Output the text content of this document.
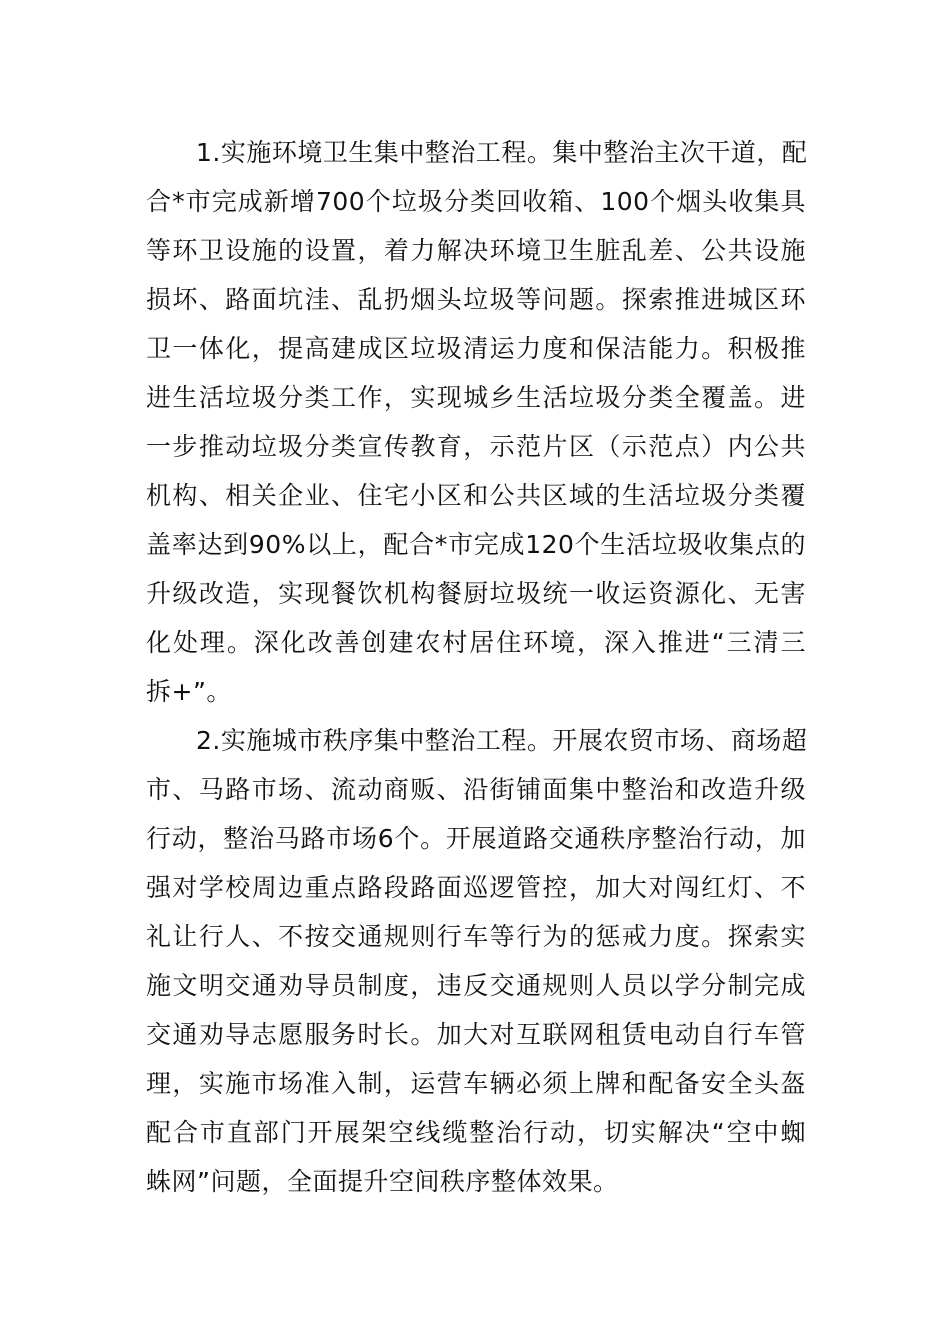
1.实施环境卫生集中整治工程。集中整治主次干道，配
合*市完成新增700个垃圾分类回收箱、100个烟头收集具
等环卫设施的设置，着力解决环境卫生脏乱差、公共设施
损坏、路面坑洼、乱扔烟头垃圾等问题。探索推进城区环
卫一体化，提高建成区垃圾清运力度和保洁能力。积极推
进生活垃圾分类工作，实现城乡生活垃圾分类全覆盖。进
一步推动垃圾分类宣传教育，示范片区（示范点）内公共
机构、相关企业、住宅小区和公共区域的生活垃圾分类覆
盖率达到90%以上，配合*市完成120个生活垃圾收集点的
升级改造，实现餐饮机构餐厨垃圾统一收运资源化、无害
化处理。深化改善创建农村居住环境，深入推进“三清三
拆+”。
2.实施城市秩序集中整治工程。开展农贸市场、商场超
市、马路市场、流动商贩、沿街铺面集中整治和改造升级
行动，整治马路市场6个。开展道路交通秩序整治行动，加
强对学校周边重点路段路面巡逻管控，加大对闯红灯、不
礼让行人、不按交通规则行车等行为的惩戒力度。探索实
施文明交通劝导员制度，违反交通规则人员以学分制完成
交通劝导志愿服务时长。加大对互联网租赁电动自行车管
理，实施市场准入制，运营车辆必须上牌和配备安全头盔
配合市直部门开展架空线缆整治行动，切实解决“空中蜘
蛛网”问题，全面提升空间秩序整体效果。
